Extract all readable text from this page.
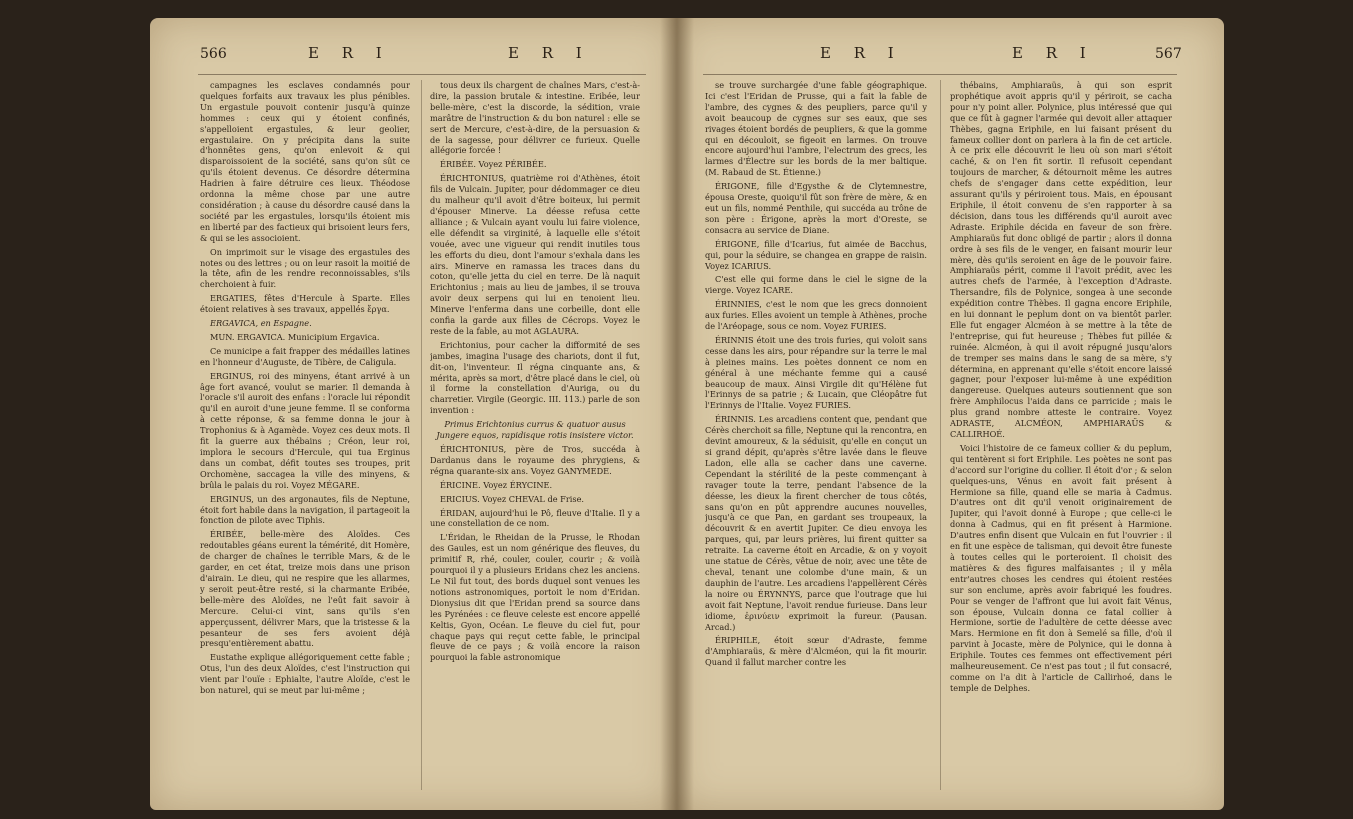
566	E R I	E R I

campagnes les esclaves condamnés pour quelques forfaits aux travaux les plus pénibles. Un ergastule pouvoit contenir jusqu'à quinze hommes : ceux qui y étoient confinés, s'appelloient ergastules, & leur geolier, ergastulaire. On y précipita dans la suite d'honnêtes gens, qu'on enlevoit & qui disparoissoient de la société, sans qu'on sût ce qu'ils étoient devenus. Ce désordre détermina Hadrien à faire détruire ces lieux. Théodose ordonna la même chose par une autre considération ; à cause du désordre causé dans la société par les ergastules, lorsqu'ils étoient mis en liberté par des factieux qui brisoient leurs fers, & qui se les associoient.

On imprimoit sur le visage des ergastules des notes ou des lettres ; ou on leur rasoit la moitié de la tête, afin de les rendre reconnoissables, s'ils cherchoient à fuir.

ERGATIES, fêtes d'Hercule à Sparte. Elles étoient relatives à ses travaux, appellés ἔργα.

ERGAVICA, en Espagne.

MUN. ERGAVICA. Municipium Ergavica.

Ce municipe a fait frapper des médailles latines en l'honneur d'Auguste, de Tibère, de Caligula.

ERGINUS, roi des minyens, étant arrivé à un âge fort avancé, voulut se marier. Il demanda à l'oracle s'il auroit des enfans : l'oracle lui répondit qu'il en auroit d'une jeune femme. Il se conforma à cette réponse, & sa femme donna le jour à Trophonius & à Agamède. Voyez ces deux mots. Il fit la guerre aux thébains ; Créon, leur roi, implora le secours d'Hercule, qui tua Erginus dans un combat, défit toutes ses troupes, prit Orchomène, saccagea la ville des minyens, & brûla le palais du roi. Voyez MÉGARE.

ERGINUS, un des argonautes, fils de Neptune, étoit fort habile dans la navigation, il partageoit la fonction de pilote avec Tiphis.

ÉRIBÉE, belle-mère des Aloïdes. Ces redoutables géans eurent la témérité, dit Homère, de charger de chaînes le terrible Mars, & de le garder, en cet état, treize mois dans une prison d'airain. Le dieu, qui ne respire que les allarmes, y seroit peut-être resté, si la charmante Eribée, belle-mère des Aloïdes, ne l'eût fait savoir à Mercure. Celui-ci vint, sans qu'ils s'en apperçussent, délivrer Mars, que la tristesse & la pesanteur de ses fers avoient déjà presqu'entièrement abattu.

Eustathe explique allégoriquement cette fable ; Otus, l'un des deux Aloïdes, c'est l'instruction qui vient par l'ouïe : Ephialte, l'autre Aloïde, c'est le bon naturel, qui se meut par lui-même ;

tous deux ils chargent de chaînes Mars, c'est-à-dire, la passion brutale & intestine. Eribée, leur belle-mère, c'est la discorde, la sédition, vraie marâtre de l'instruction & du bon naturel : elle se sert de Mercure, c'est-à-dire, de la persuasion & de la sagesse, pour délivrer ce furieux. Quelle allégorie forcée !

ÉRIBÉE. Voyez PÉRIBÉE.

ÉRICHTONIUS, quatrième roi d'Athènes, étoit fils de Vulcain. Jupiter, pour dédommager ce dieu du malheur qu'il avoit d'être boiteux, lui permit d'épouser Minerve. La déesse refusa cette alliance ; & Vulcain ayant voulu lui faire violence, elle défendit sa virginité, à laquelle elle s'étoit vouée, avec une vigueur qui rendit inutiles tous les efforts du dieu, dont l'amour s'exhala dans les airs. Minerve en ramassa les traces dans du coton, qu'elle jetta du ciel en terre. De là naquit Erichtonius ; mais au lieu de jambes, il se trouva avoir deux serpens qui lui en tenoient lieu. Minerve l'enferma dans une corbeille, dont elle confia la garde aux filles de Cécrops. Voyez le reste de la fable, au mot AGLAURA.

Erichtonius, pour cacher la difformité de ses jambes, imagina l'usage des chariots, dont il fut, dit-on, l'inventeur. Il régna cinquante ans, & mérita, après sa mort, d'être placé dans le ciel, où il forme la constellation d'Auriga, ou du charretier. Virgile (Georgic. III. 113.) parle de son invention :

Primus Erichtonius currus & quatuor ausus Jungere equos, rapidisque rotis insistere victor.

ÉRICHTONIUS, père de Tros, succéda à Dardanus dans le royaume des phrygiens, & régna quarante-six ans. Voyez GANYMEDE.

ÉRICINE. Voyez ÉRYCINE.

ERICIUS. Voyez CHEVAL de Frise.

ÉRIDAN, aujourd'hui le Pô, fleuve d'Italie. Il y a une constellation de ce nom.

L'Éridan, le Rheidan de la Prusse, le Rhodan des Gaules, est un nom générique des fleuves, du primitif R, rhé, couler, couler, courir ; & voilà pourquoi il y a plusieurs Eridans chez les anciens. Le Nil fut tout, des bords duquel sont venues les notions astronomiques, portoit le nom d'Eridan. Dionysius dit que l'Eridan prend sa source dans les Pyrénées : ce fleuve celeste est encore appellé Keltis, Gyon, Océan. Le fleuve du ciel fut, pour chaque pays qui reçut cette fable, le principal fleuve de ce pays ; & voilà encore la raison pourquoi la fable astronomique

E R I	E R I	567

se trouve surchargée d'une fable géographique. Ici c'est l'Eridan de Prusse, qui a fait la fable de l'ambre, des cygnes & des peupliers, parce qu'il y avoit beaucoup de cygnes sur ses eaux, que ses rivages étoient bordés de peupliers, & que la gomme qui en découloit, se figeoit en larmes. On trouve encore aujourd'hui l'ambre, l'electrum des grecs, les larmes d'Électre sur les bords de la mer baltique. (M. Rabaud de St. Étienne.)

ÉRIGONE, fille d'Egysthe & de Clytemnestre, épousa Oreste, quoiqu'il fût son frère de mère, & en eut un fils, nommé Penthile, qui succéda au trône de son père : Érigone, après la mort d'Oreste, se consacra au service de Diane.

ÉRIGONE, fille d'Icarius, fut aimée de Bacchus, qui, pour la séduire, se changea en grappe de raisin. Voyez ICARIUS.

C'est elle qui forme dans le ciel le signe de la vierge. Voyez ICARE.

ÉRINNIES, c'est le nom que les grecs donnoient aux furies. Elles avoient un temple à Athènes, proche de l'Aréopage, sous ce nom. Voyez FURIES.

ÉRINNIS étoit une des trois furies, qui voloit sans cesse dans les airs, pour répandre sur la terre le mal à pleines mains. Les poètes donnent ce nom en général à une méchante femme qui a causé beaucoup de maux. Ainsi Virgile dit qu'Hélène fut l'Erinnys de sa patrie ; & Lucain, que Cléopâtre fut l'Erinnys de l'Italie. Voyez FURIES.

ÉRINNIS. Les arcadiens content que, pendant que Cérès cherchoit sa fille, Neptune qui la rencontra, en devint amoureux, & la séduisit, qu'elle en conçut un si grand dépit, qu'après s'être lavée dans le fleuve Ladon, elle alla se cacher dans une caverne. Cependant la stérilité de la peste commençant à ravager toute la terre, pendant l'absence de la déesse, les dieux la firent chercher de tous côtés, sans qu'on en pût apprendre aucunes nouvelles, jusqu'à ce que Pan, en gardant ses troupeaux, la découvrit & en avertit Jupiter. Ce dieu envoya les parques, qui, par leurs prières, lui firent quitter sa retraite. La caverne étoit en Arcadie, & on y voyoit une statue de Cérès, vêtue de noir, avec une tête de cheval, tenant une colombe d'une main, & un dauphin de l'autre. Les arcadiens l'appellèrent Cérès la noire ou ÉRYNNYS, parce que l'outrage que lui avoit fait Neptune, l'avoit rendue furieuse. Dans leur idiome, ἐρινύειν exprimoit la fureur. (Pausan. Arcad.)

ÉRIPHILE, étoit sœur d'Adraste, femme d'Amphiaraüs, & mère d'Alcméon, qui la fit mourir. Quand il fallut marcher contre les

thébains, Amphiaraüs, à qui son esprit prophétique avoit appris qu'il y périroit, se cacha pour n'y point aller. Polynice, plus intéressé que qui que ce fût à gagner l'armée qui devoit aller attaquer Thèbes, gagna Eriphile, en lui faisant présent du fameux collier dont on parlera à la fin de cet article. À ce prix elle découvrit le lieu où son mari s'étoit caché, & on l'en fit sortir. Il refusoit cependant toujours de marcher, & détournoit même les autres chefs de s'engager dans cette expédition, leur assurant qu'ils y périroient tous. Mais, en épousant Eriphile, il étoit convenu de s'en rapporter à sa décision, dans tous les différends qu'il auroit avec Adraste. Eriphile décida en faveur de son frère. Amphiaraüs fut donc obligé de partir ; alors il donna ordre à ses fils de le venger, en faisant mourir leur mère, dès qu'ils seroient en âge de le pouvoir faire. Amphiaraüs périt, comme il l'avoit prédit, avec les autres chefs de l'armée, à l'exception d'Adraste. Thersandre, fils de Polynice, songea à une seconde expédition contre Thèbes. Il gagna encore Eriphile, en lui donnant le peplum dont on va bientôt parler. Elle fut engager Alcméon à se mettre à la tête de l'entreprise, qui fut heureuse ; Thèbes fut pillée & ruinée. Alcméon, à qui il avoit répugné jusqu'alors de tremper ses mains dans le sang de sa mère, s'y détermina, en apprenant qu'elle s'étoit encore laissé gagner, pour l'exposer lui-même à une expédition dangereuse. Quelques auteurs soutiennent que son frère Amphilocus l'aida dans ce parricide ; mais le plus grand nombre atteste le contraire. Voyez ADRASTE, ALCMÉON, AMPHIARAÜS & CALLIRHOÉ.

Voici l'histoire de ce fameux collier & du peplum, qui tentèrent si fort Eriphile. Les poètes ne sont pas d'accord sur l'origine du collier. Il étoit d'or ; & selon quelques-uns, Vénus en avoit fait présent à Hermione sa fille, quand elle se maria à Cadmus. D'autres ont dit qu'il venoit originairement de Jupiter, qui l'avoit donné à Europe ; que celle-ci le donna à Cadmus, qui en fit présent à Harmione. D'autres enfin disent que Vulcain en fut l'ouvrier : il en fit une espèce de talisman, qui devoit être funeste à toutes celles qui le porteroient. Il choisit des matières & des figures malfaisantes ; il y mêla entr'autres choses les cendres qui étoient restées sur son enclume, après avoir fabriqué les foudres. Pour se venger de l'affront que lui avoit fait Vénus, son épouse, Vulcain donna ce fatal collier à Hermione, sortie de l'adultère de cette déesse avec Mars. Hermione en fit don à Semelé sa fille, d'où il parvint à Jocaste, mère de Polynice, qui le donna à Eriphile. Toutes ces femmes ont effectivement péri malheureusement. Ce n'est pas tout ; il fut consacré, comme on l'a dit à l'article de Callirhoé, dans le temple de Delphes.
